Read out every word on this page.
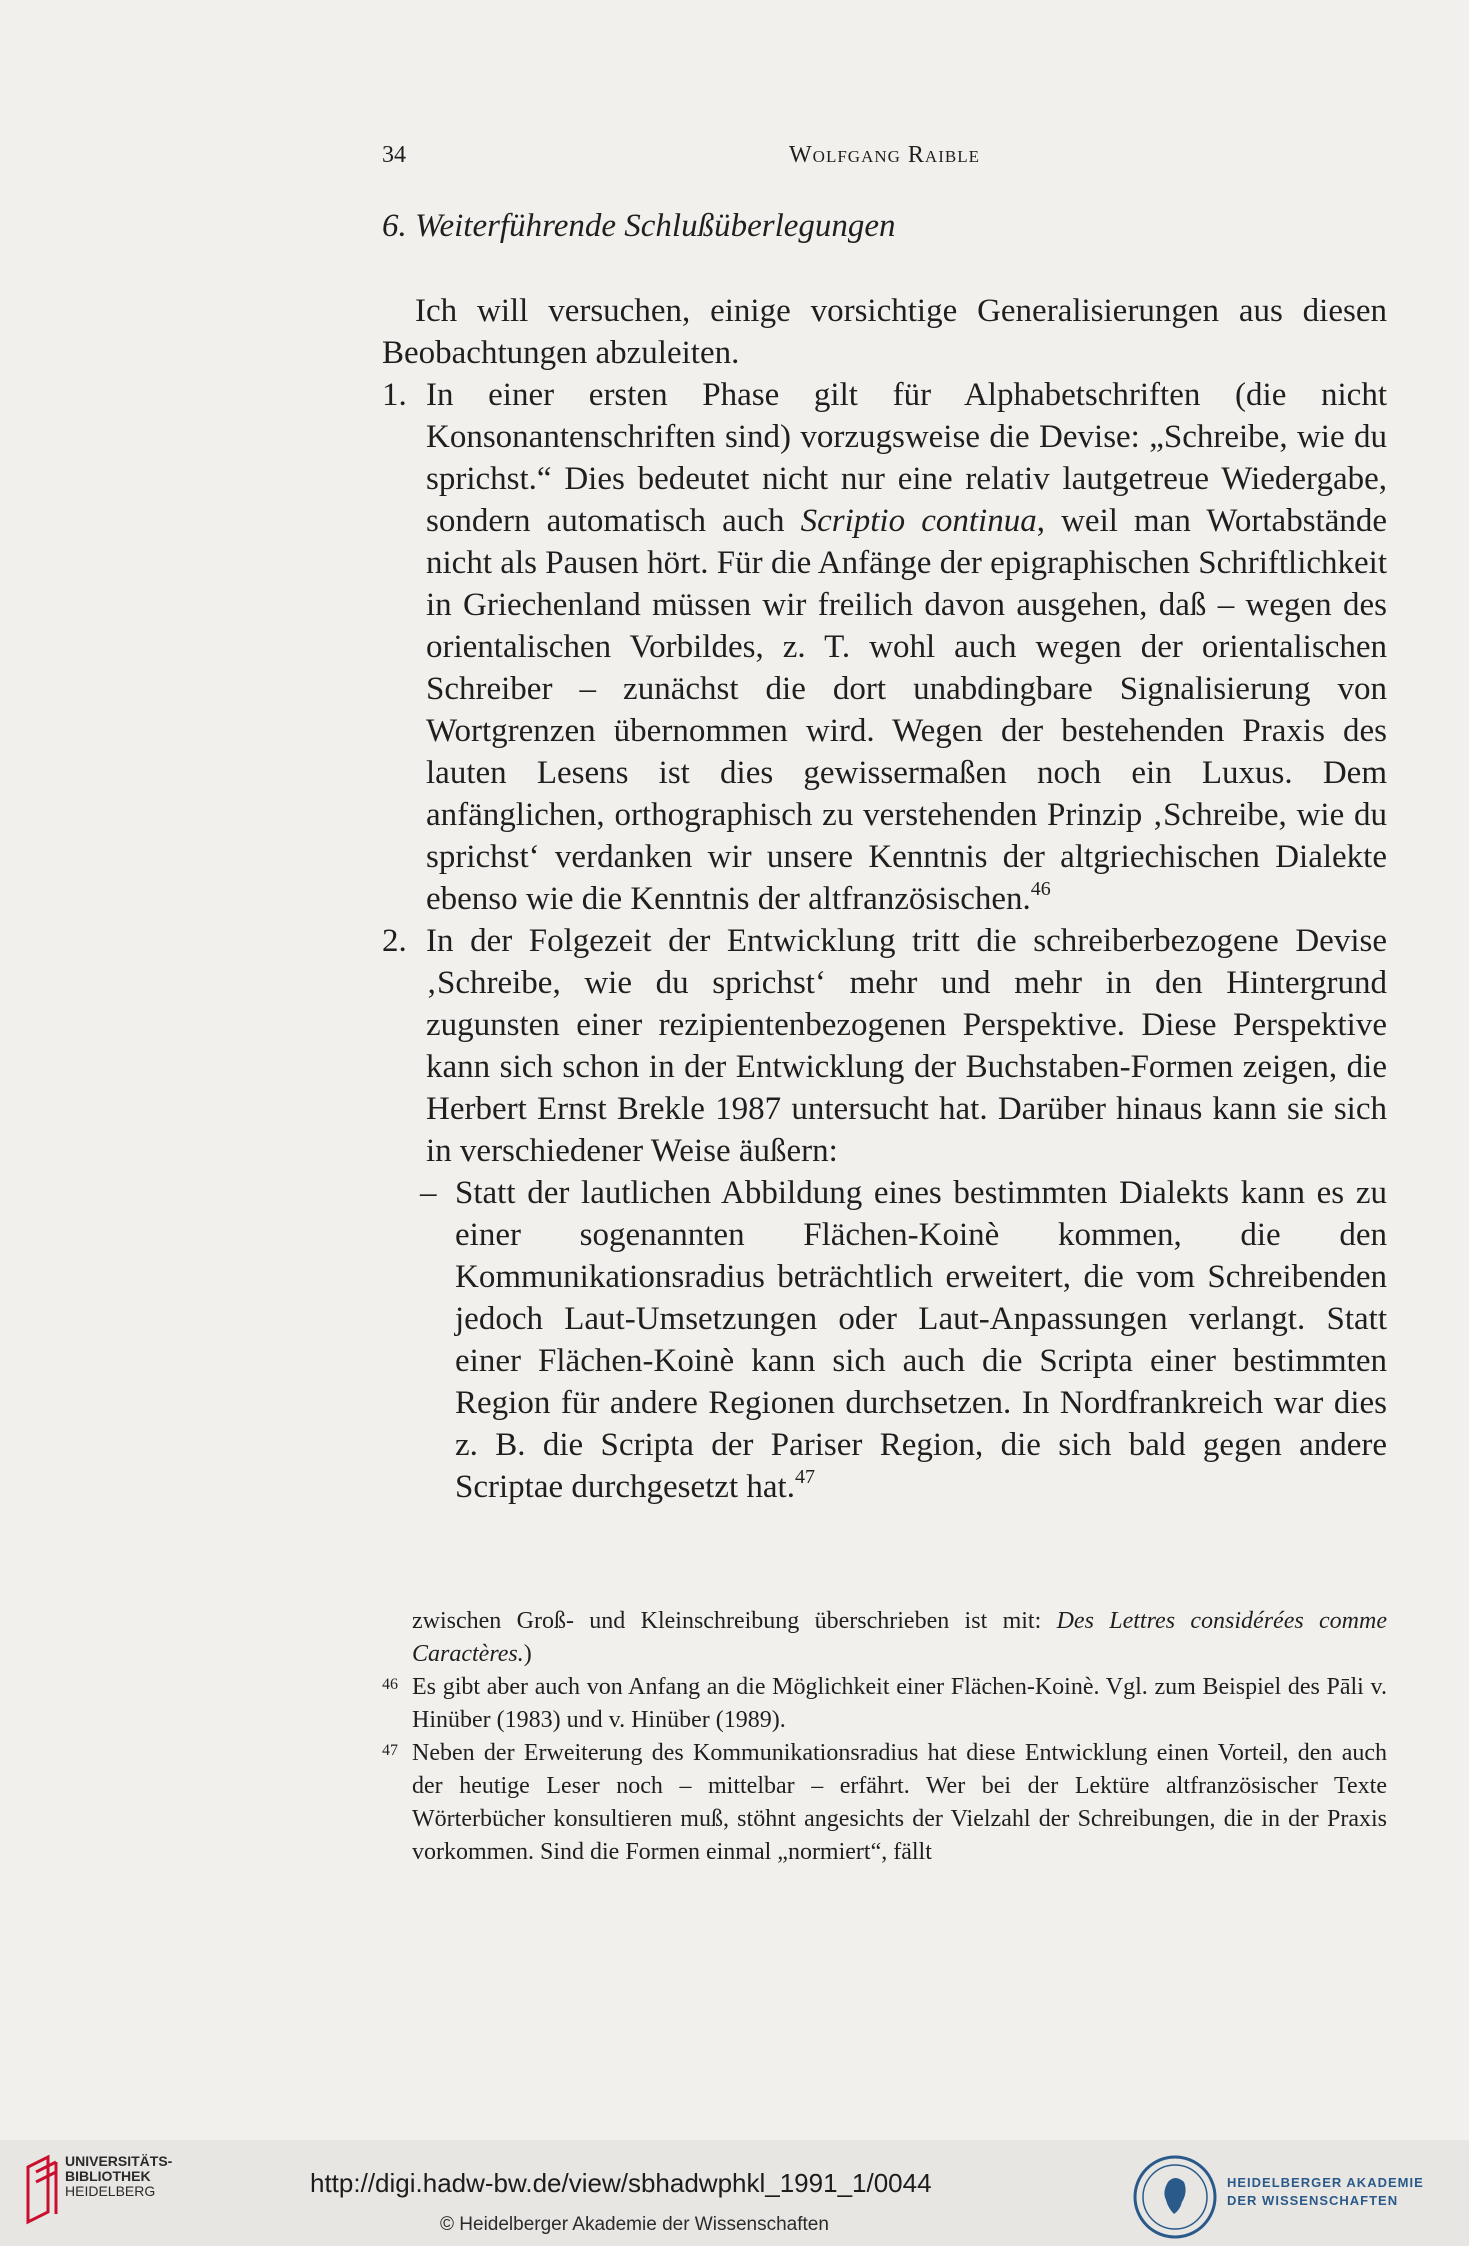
34	Wolfgang Raible
6. Weiterführende Schlußüberlegungen

Ich will versuchen, einige vorsichtige Generalisierungen aus diesen Beobachtungen abzuleiten.

1. In einer ersten Phase gilt für Alphabetschriften (die nicht Konsonantenschriften sind) vorzugsweise die Devise: „Schreibe, wie du sprichst.“ Dies bedeutet nicht nur eine relativ lautgetreue Wiedergabe, sondern automatisch auch Scriptio continua, weil man Wortabstände nicht als Pausen hört. Für die Anfänge der epigraphischen Schriftlichkeit in Griechenland müssen wir freilich davon ausgehen, daß – wegen des orientalischen Vorbildes, z. T. wohl auch wegen der orientalischen Schreiber – zunächst die dort unabdingbare Signalisierung von Wortgrenzen übernommen wird. Wegen der bestehenden Praxis des lauten Lesens ist dies gewissermaßen noch ein Luxus. Dem anfänglichen, orthographisch zu verstehenden Prinzip ‚Schreibe, wie du sprichst‘ verdanken wir unsere Kenntnis der altgriechischen Dialekte ebenso wie die Kenntnis der altfranzösischen.$^{46}$

2. In der Folgezeit der Entwicklung tritt die schreiberbezogene Devise ‚Schreibe, wie du sprichst‘ mehr und mehr in den Hintergrund zugunsten einer rezipientenbezogenen Perspektive. Diese Perspektive kann sich schon in der Entwicklung der Buchstaben-Formen zeigen, die Herbert Ernst Brekle 1987 untersucht hat. Darüber hinaus kann sie sich in verschiedener Weise äußern:

– Statt der lautlichen Abbildung eines bestimmten Dialekts kann es zu einer sogenannten Flächen-Koinè kommen, die den Kommunikationsradius beträchtlich erweitert, die vom Schreibenden jedoch Laut-Umsetzungen oder Laut-Anpassungen verlangt. Statt einer Flächen-Koinè kann sich auch die Scripta einer bestimmten Region für andere Regionen durchsetzen. In Nordfrankreich war dies z. B. die Scripta der Pariser Region, die sich bald gegen andere Scriptae durchgesetzt hat.$^{47}$

zwischen Groß- und Kleinschreibung überschrieben ist mit: Des Lettres considérées comme Caractères.)

46 Es gibt aber auch von Anfang an die Möglichkeit einer Flächen-Koinè. Vgl. zum Beispiel des Pāli v. Hinüber (1983) und v. Hinüber (1989).

47 Neben der Erweiterung des Kommunikationsradius hat diese Entwicklung einen Vorteil, den auch der heutige Leser noch – mittelbar – erfährt. Wer bei der Lektüre altfranzösischer Texte Wörterbücher konsultieren muß, stöhnt angesichts der Vielzahl der Schreibungen, die in der Praxis vorkommen. Sind die Formen einmal „normiert“, fällt

UNIVERSITÄTS-
BIBLIOTHEK
HEIDELBERG	http://digi.hadw-bw.de/view/sbhadwphkl_1991_1/0044
© Heidelberger Akademie der Wissenschaften
HEIDELBERGER AKADEMIE
DER WISSENSCHAFTEN
